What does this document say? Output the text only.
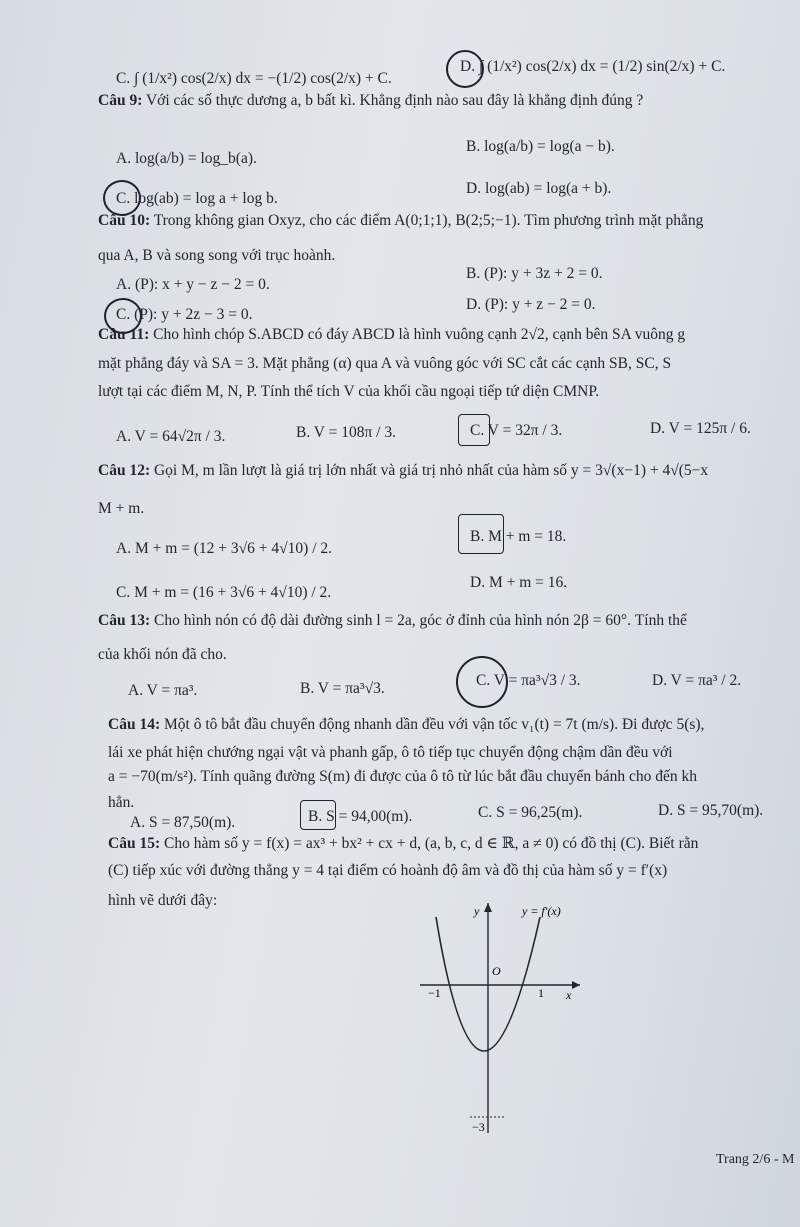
C. ∫ (1/x²) cos(2/x) dx = −(1/2) cos(2/x) + C.
D. ∫ (1/x²) cos(2/x) dx = (1/2) sin(2/x) + C.
Câu 9: Với các số thực dương a, b bất kì. Khẳng định nào sau đây là khẳng định đúng ?
A. log(a/b) = log_b(a).
B. log(a/b) = log(a − b).
C. log(ab) = log a + log b.
D. log(ab) = log(a + b).
Câu 10: Trong không gian Oxyz, cho các điểm A(0;1;1), B(2;5;−1). Tìm phương trình mặt phẳng
qua A, B và song song với trục hoành.
A. (P): x + y − z − 2 = 0.
B. (P): y + 3z + 2 = 0.
C. (P): y + 2z − 3 = 0.
D. (P): y + z − 2 = 0.
Câu 11: Cho hình chóp S.ABCD có đáy ABCD là hình vuông cạnh 2√2, cạnh bên SA vuông g
mặt phẳng đáy và SA = 3. Mặt phẳng (α) qua A và vuông góc với SC cắt các cạnh SB, SC, S
lượt tại các điểm M, N, P. Tính thể tích V của khối cầu ngoại tiếp tứ diện CMNP.
A. V = 64√2π / 3.	B. V = 108π / 3.	C. V = 32π / 3.	D. V = 125π / 6.
Câu 12: Gọi M, m lần lượt là giá trị lớn nhất và giá trị nhỏ nhất của hàm số y = 3√(x−1) + 4√(5−x
M + m.
A. M + m = (12 + 3√6 + 4√10) / 2.
B. M + m = 18.
C. M + m = (16 + 3√6 + 4√10) / 2.
D. M + m = 16.
Câu 13: Cho hình nón có độ dài đường sinh l = 2a, góc ở đỉnh của hình nón 2β = 60°. Tính thể
của khối nón đã cho.
A. V = πa³.	B. V = πa³√3.	C. V = πa³√3 / 3.	D. V = πa³ / 2.
Câu 14: Một ô tô bắt đầu chuyển động nhanh dần đều với vận tốc v₁(t) = 7t (m/s). Đi được 5(s),
lái xe phát hiện chướng ngại vật và phanh gấp, ô tô tiếp tục chuyển động chậm dần đều với
a = −70(m/s²). Tính quãng đường S(m) đi được của ô tô từ lúc bắt đầu chuyển bánh cho đến kh
hẳn.
A. S = 87,50(m).	B. S = 94,00(m).	C. S = 96,25(m).	D. S = 95,70(m).
Câu 15: Cho hàm số y = f(x) = ax³ + bx² + cx + d, (a, b, c, d ∈ ℝ, a ≠ 0) có đồ thị (C). Biết rằn
(C) tiếp xúc với đường thẳng y = 4 tại điểm có hoành độ âm và đồ thị của hàm số y = f′(x)
hình vẽ dưới đây:
y	y = f′(x)
O
x
−1	1
−3
Trang 2/6 - M
